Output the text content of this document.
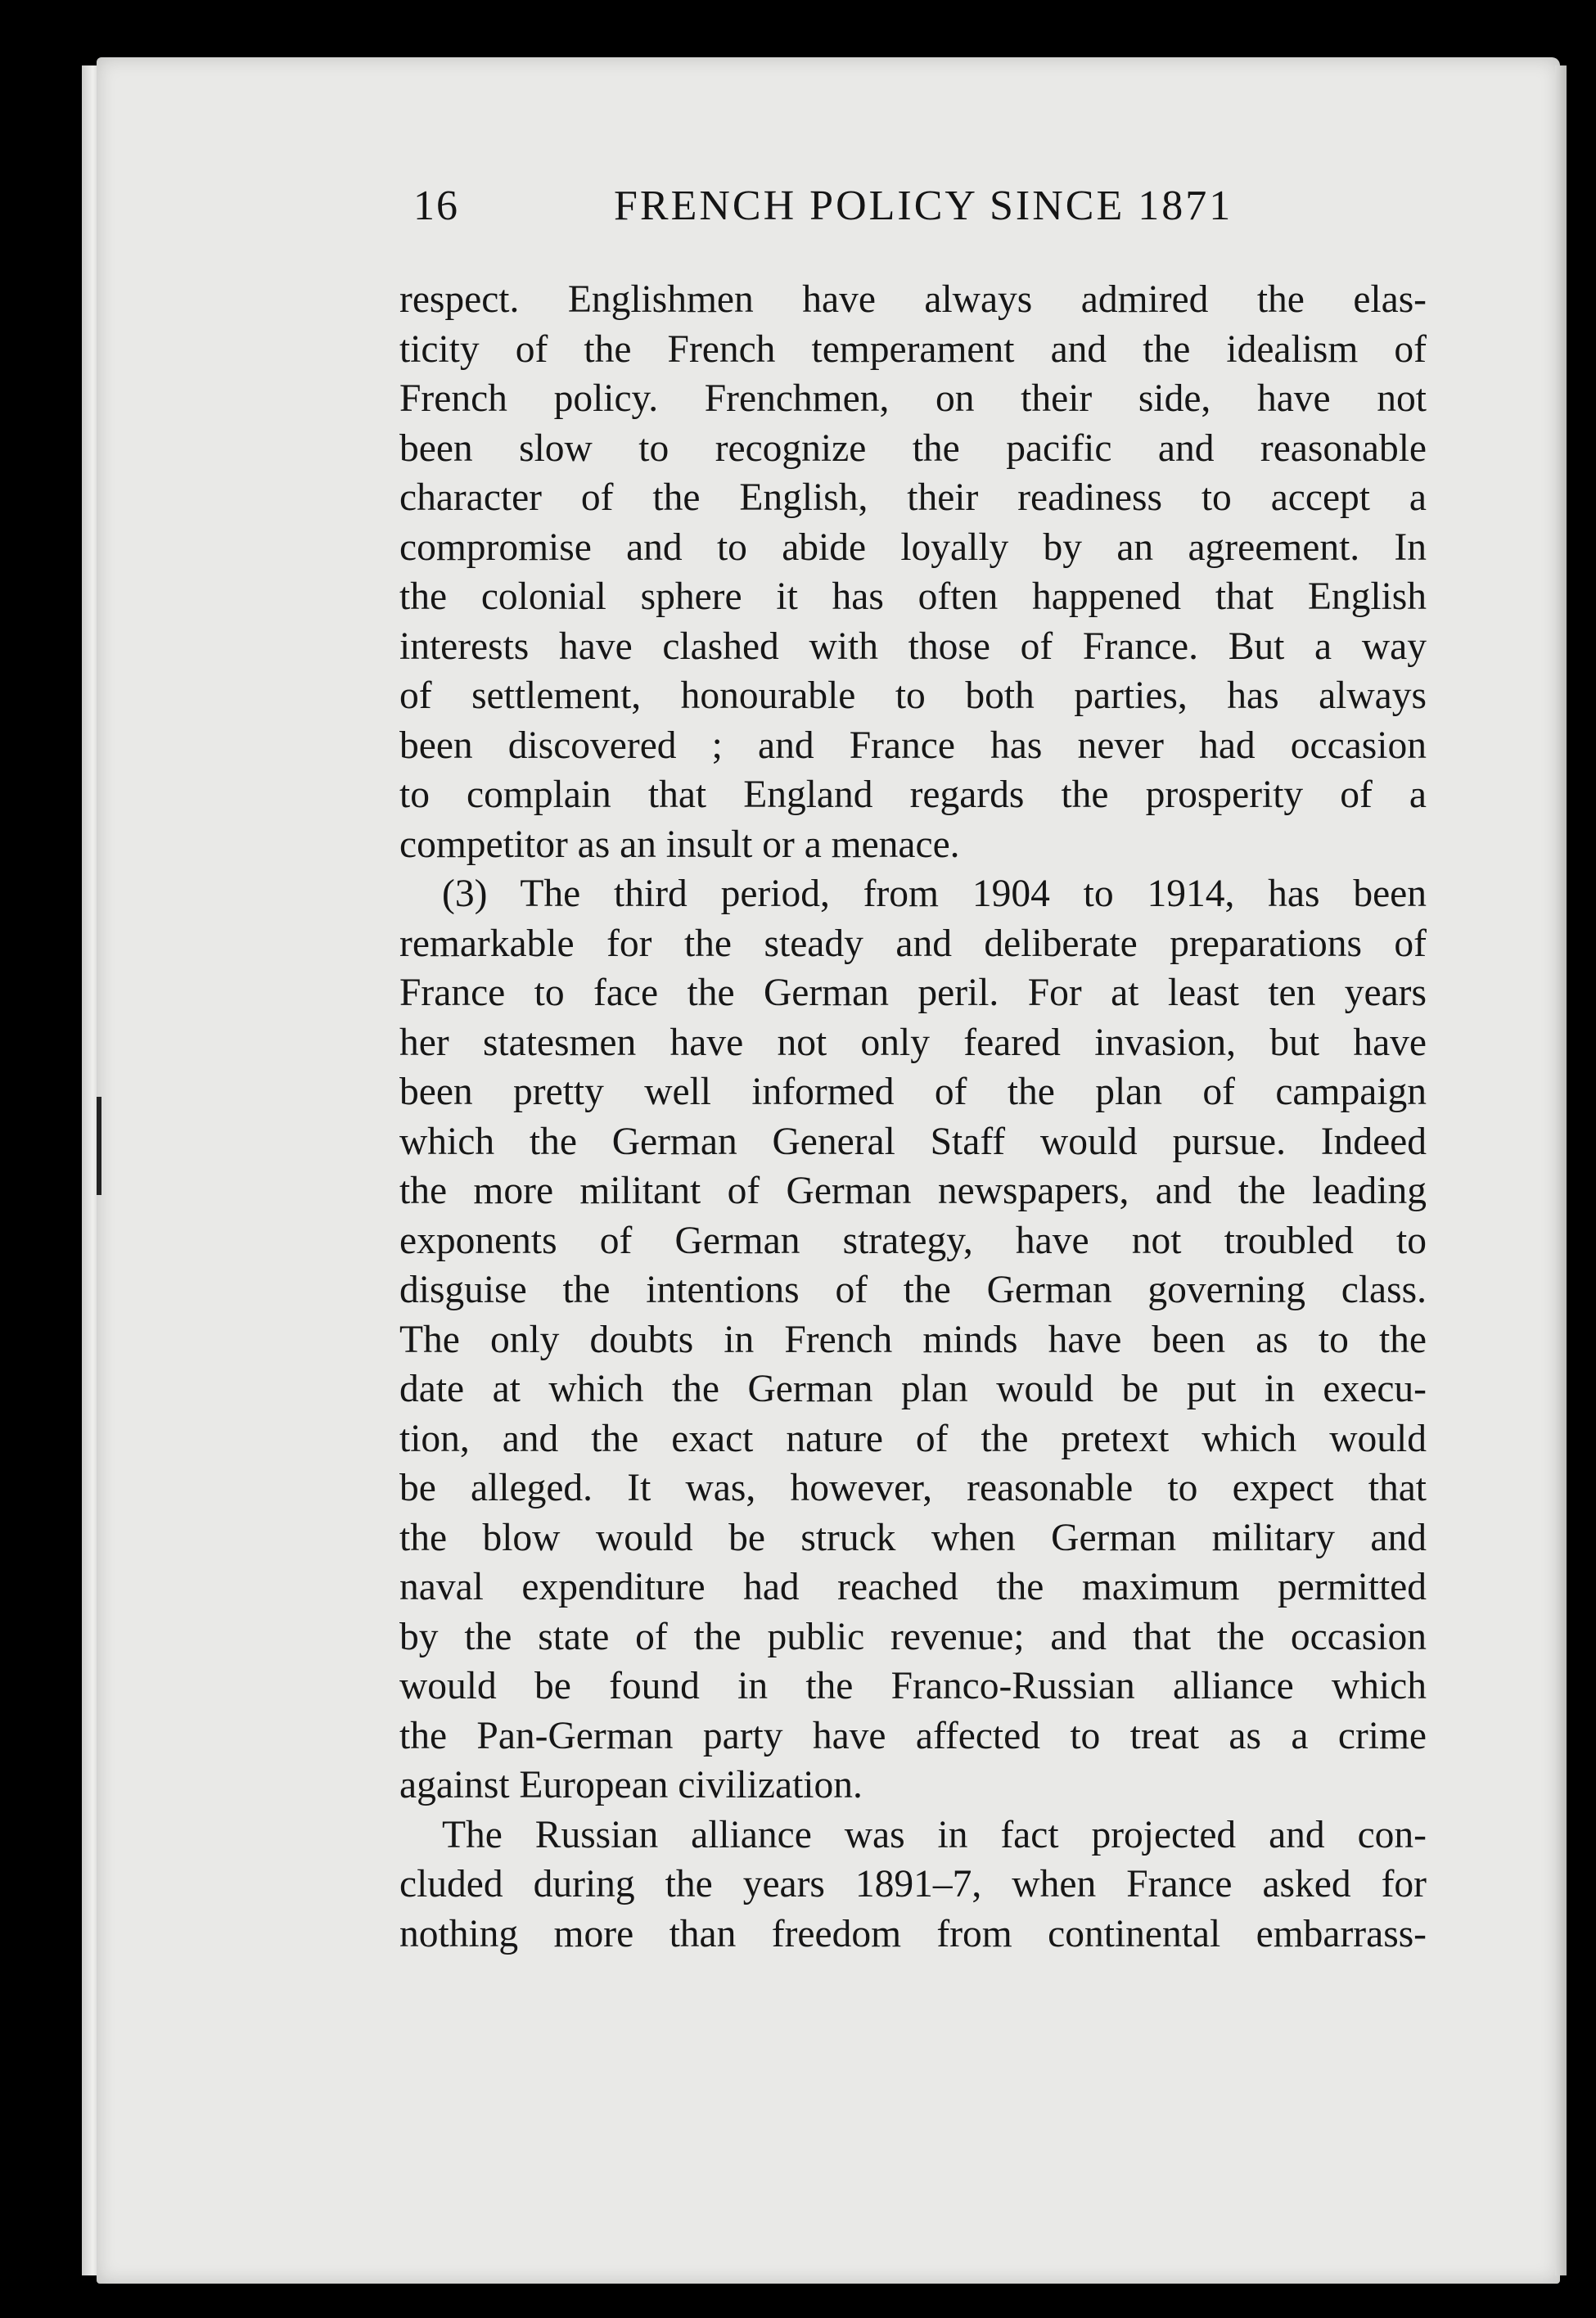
16	FRENCH POLICY SINCE 1871
respect. Englishmen have always admired the elas-
ticity of the French temperament and the idealism of
French policy. Frenchmen, on their side, have not
been slow to recognize the pacific and reasonable
character of the English, their readiness to accept a
compromise and to abide loyally by an agreement. In
the colonial sphere it has often happened that English
interests have clashed with those of France. But a way
of settlement, honourable to both parties, has always
been discovered ; and France has never had occasion
to complain that England regards the prosperity of a
competitor as an insult or a menace.
(3) The third period, from 1904 to 1914, has been
remarkable for the steady and deliberate preparations of
France to face the German peril. For at least ten years
her statesmen have not only feared invasion, but have
been pretty well informed of the plan of campaign
which the German General Staff would pursue. Indeed
the more militant of German newspapers, and the leading
exponents of German strategy, have not troubled to
disguise the intentions of the German governing class.
The only doubts in French minds have been as to the
date at which the German plan would be put in execu-
tion, and the exact nature of the pretext which would
be alleged. It was, however, reasonable to expect that
the blow would be struck when German military and
naval expenditure had reached the maximum permitted
by the state of the public revenue; and that the occasion
would be found in the Franco-Russian alliance which
the Pan-German party have affected to treat as a crime
against European civilization.
The Russian alliance was in fact projected and con-
cluded during the years 1891–7, when France asked for
nothing more than freedom from continental embarrass-
